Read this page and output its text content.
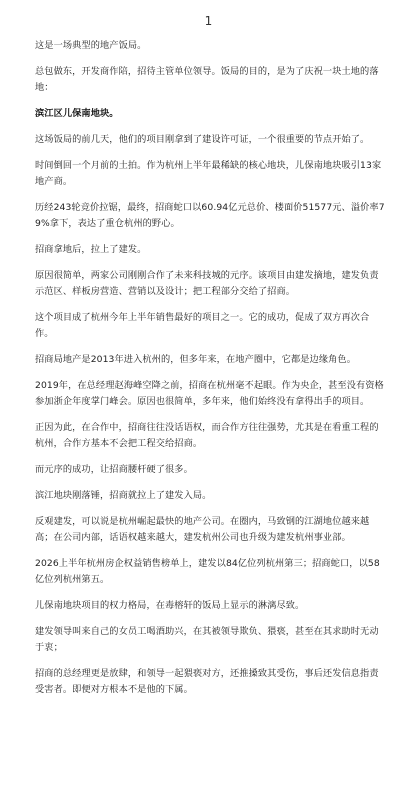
1

这是一场典型的地产饭局。

总包做东，开发商作陪，招待主管单位领导。饭局的目的，是为了庆祝一块土地的落地：

滨江区儿保南地块。

这场饭局的前几天，他们的项目刚拿到了建设许可证，一个很重要的节点开始了。

时间倒回一个月前的土拍。作为杭州上半年最稀缺的核心地块，儿保南地块吸引13家地产商。

历经243轮竞价拉锯，最终，招商蛇口以60.94亿元总价、楼面价51577元、溢价率79%拿下，表达了重仓杭州的野心。

招商拿地后，拉上了建发。

原因很简单，两家公司刚刚合作了未来科技城的元序。该项目由建发摘地，建发负责示范区、样板房营造、营销以及设计；把工程部分交给了招商。

这个项目成了杭州今年上半年销售最好的项目之一。它的成功，促成了双方再次合作。

招商局地产是2013年进入杭州的，但多年来，在地产圈中，它都是边缘角色。

2019年，在总经理赵海峰空降之前，招商在杭州毫不起眼。作为央企，甚至没有资格参加浙企年度掌门峰会。原因也很简单，多年来，他们始终没有拿得出手的项目。

正因为此，在合作中，招商往往没话语权，而合作方往往强势，尤其是在看重工程的杭州，合作方基本不会把工程交给招商。

而元序的成功，让招商腰杆硬了很多。

滨江地块刚落锤，招商就拉上了建发入局。

反观建发，可以说是杭州崛起最快的地产公司。在圈内，马致钢的江湖地位越来越高；在公司内部，话语权越来越大，建发杭州公司也升级为建发杭州事业部。

2026上半年杭州房企权益销售榜单上，建发以84亿位列杭州第三；招商蛇口，以58亿位列杭州第五。

儿保南地块项目的权力格局，在毒榕轩的饭局上显示的淋漓尽致。

建发领导叫来自己的女员工喝酒助兴，在其被领导欺负、猥亵，甚至在其求助时无动于衷；

招商的总经理更是放肆，和领导一起猥亵对方，还推搡致其受伤，事后还发信息指责受害者。即便对方根本不是他的下属。
